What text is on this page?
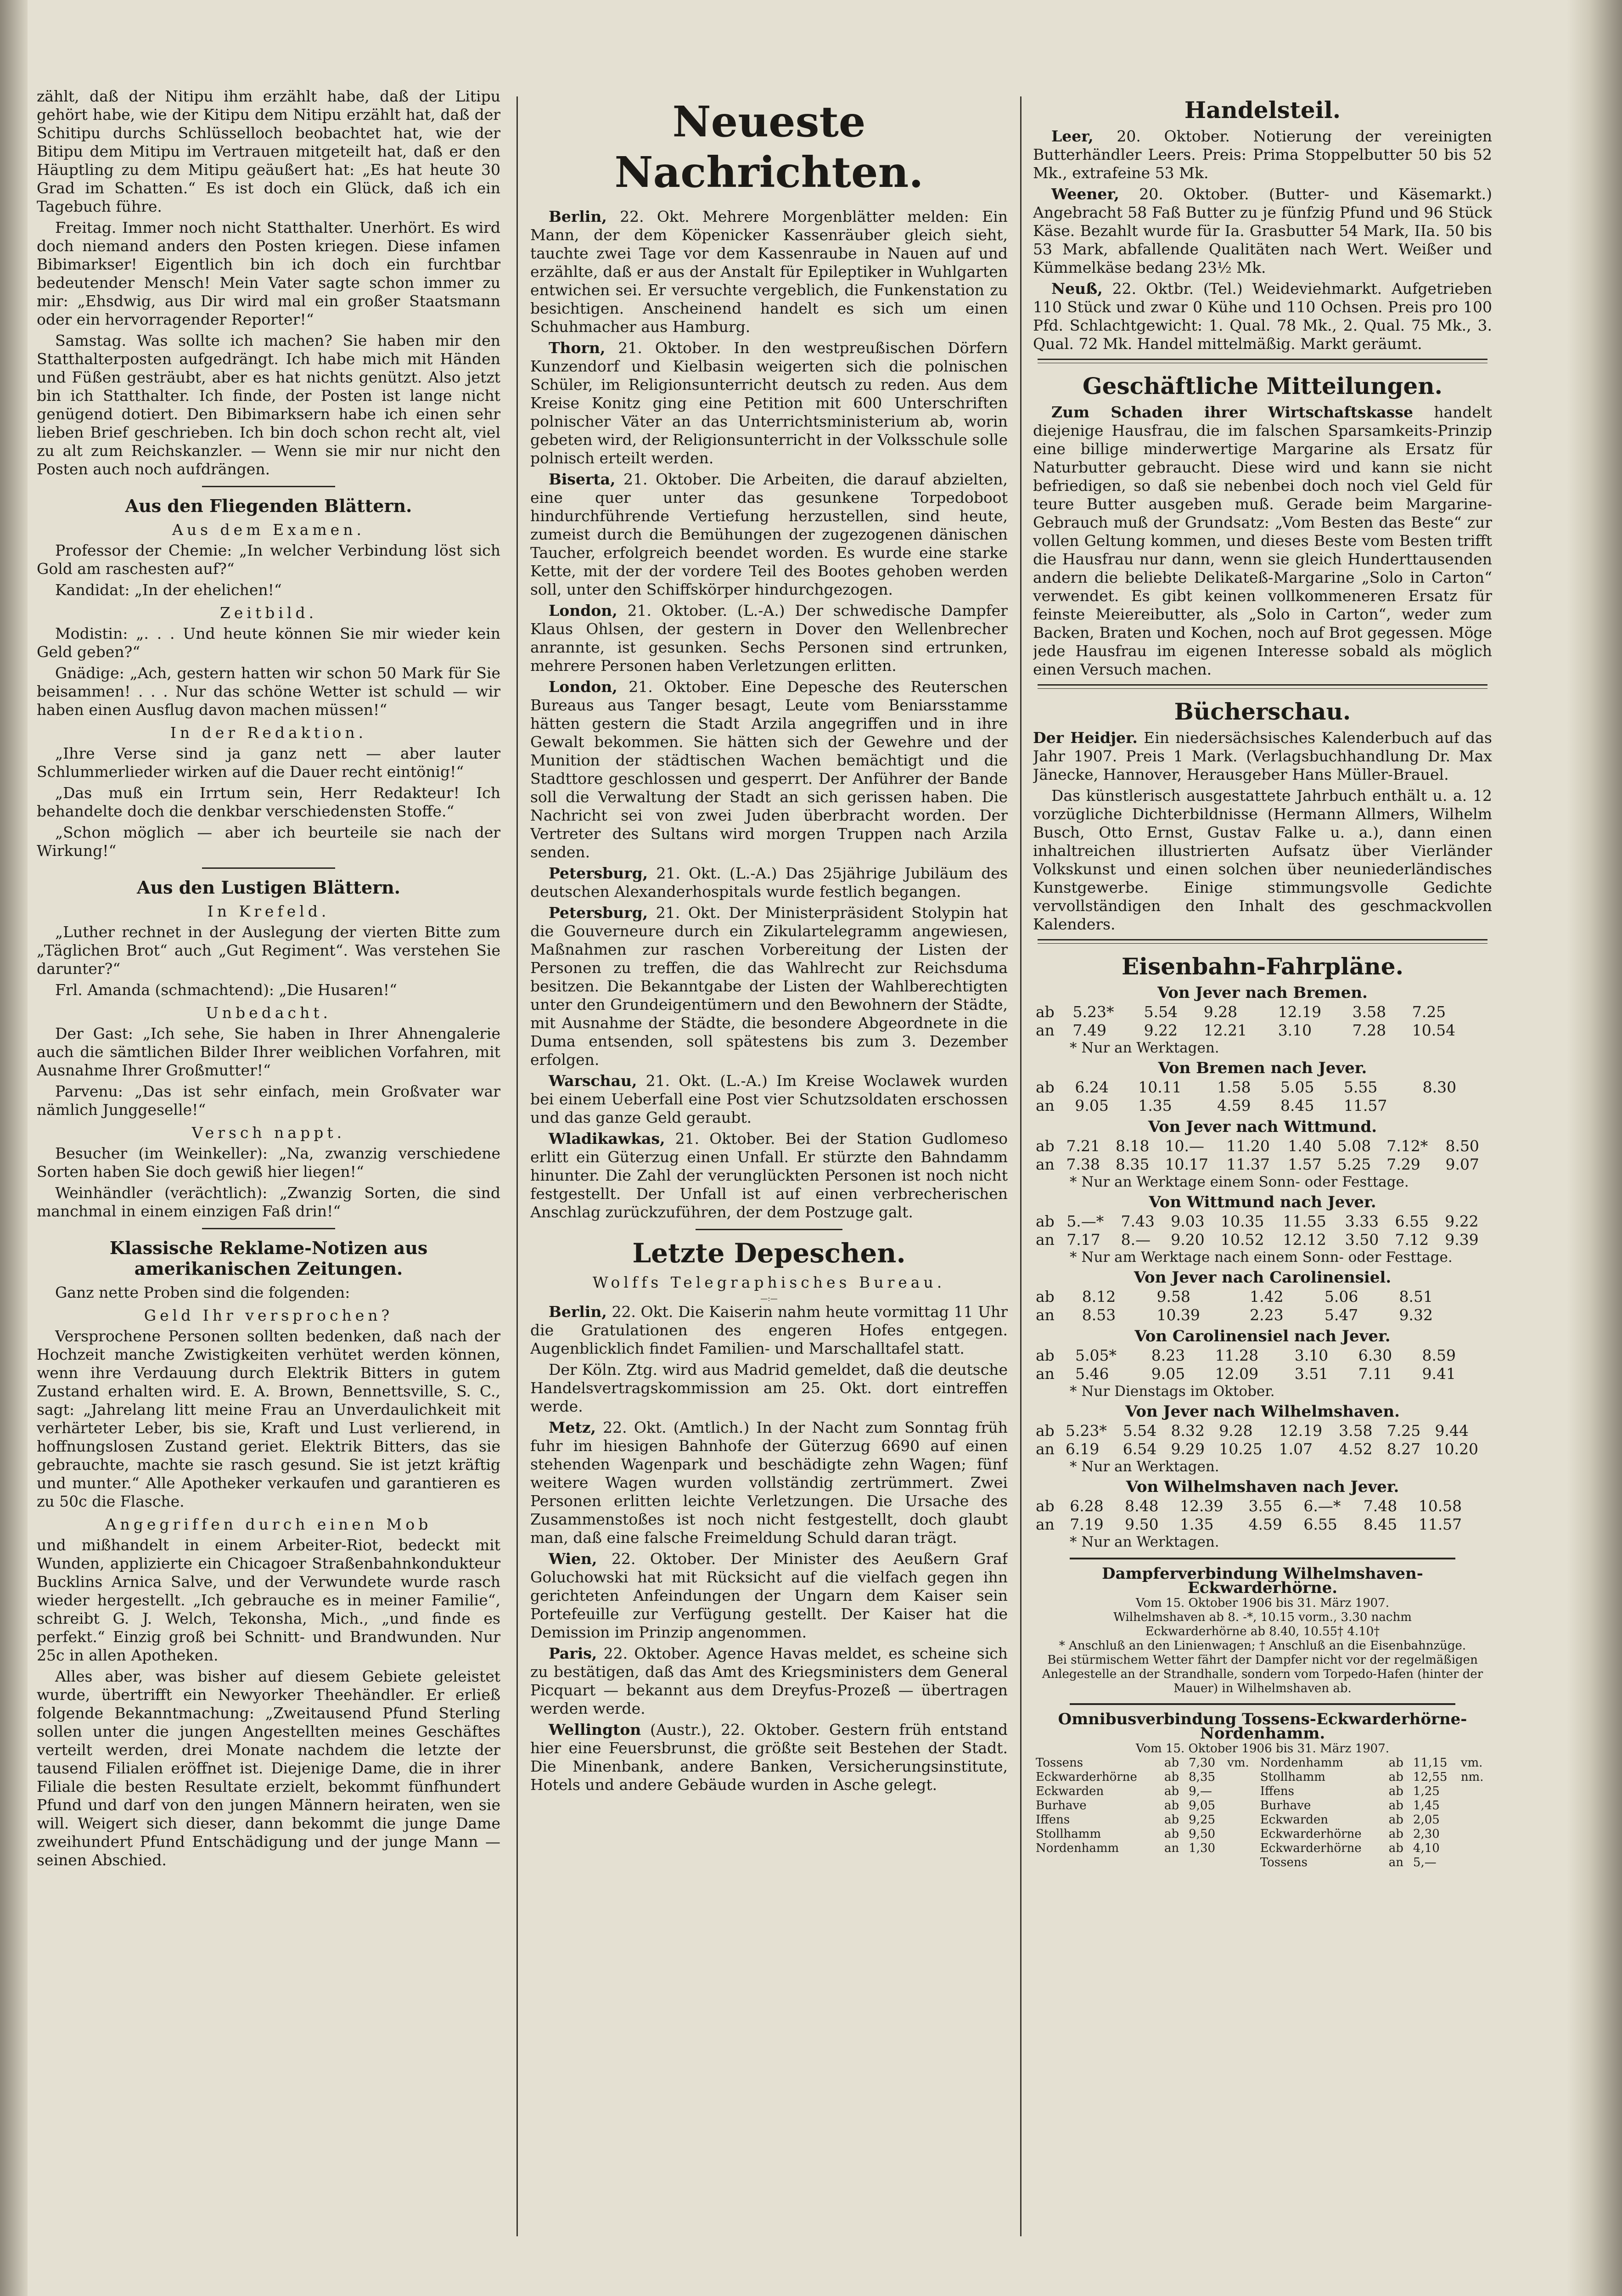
zählt, daß der Nitipu ihm erzählt habe, daß der Litipu gehört habe, wie der Kitipu dem Nitipu erzählt hat, daß der Schitipu durchs Schlüsselloch beobachtet hat, wie der Bitipu dem Mitipu im Vertrauen mitgeteilt hat, daß er den Häuptling zu dem Mitipu geäußert hat: „Es hat heute 30 Grad im Schatten.“ Es ist doch ein Glück, daß ich ein Tagebuch führe.

Freitag. Immer noch nicht Statthalter. Unerhört. Es wird doch niemand anders den Posten kriegen. Diese infamen Bibimarkser! Eigentlich bin ich doch ein furchtbar bedeutender Mensch! Mein Vater sagte schon immer zu mir: „Ehsdwig, aus Dir wird mal ein großer Staatsmann oder ein hervorragender Reporter!“

Samstag. Was sollte ich machen? Sie haben mir den Statthalterposten aufgedrängt. Ich habe mich mit Händen und Füßen gesträubt, aber es hat nichts genützt. Also jetzt bin ich Statthalter. Ich finde, der Posten ist lange nicht genügend dotiert. Den Bibimarksern habe ich einen sehr lieben Brief geschrieben. Ich bin doch schon recht alt, viel zu alt zum Reichskanzler. — Wenn sie mir nur nicht den Posten auch noch aufdrängen.

Aus den Fliegenden Blättern.
Aus dem Examen.

Professor der Chemie: „In welcher Verbindung löst sich Gold am raschesten auf?“

Kandidat: „In der ehelichen!“

Zeitbild.

Modistin: „. . . Und heute können Sie mir wieder kein Geld geben?“

Gnädige: „Ach, gestern hatten wir schon 50 Mark für Sie beisammen! . . . Nur das schöne Wetter ist schuld — wir haben einen Ausflug davon machen müssen!“

In der Redaktion.

„Ihre Verse sind ja ganz nett — aber lauter Schlummerlieder wirken auf die Dauer recht eintönig!“

„Das muß ein Irrtum sein, Herr Redakteur! Ich behandelte doch die denkbar verschiedensten Stoffe.“

„Schon möglich — aber ich beurteile sie nach der Wirkung!“

Aus den Lustigen Blättern.
In Krefeld.

„Luther rechnet in der Auslegung der vierten Bitte zum „Täglichen Brot“ auch „Gut Regiment“. Was verstehen Sie darunter?“

Frl. Amanda (schmachtend): „Die Husaren!“

Unbedacht.

Der Gast: „Ich sehe, Sie haben in Ihrer Ahnengalerie auch die sämtlichen Bilder Ihrer weiblichen Vorfahren, mit Ausnahme Ihrer Großmutter!“

Parvenu: „Das ist sehr einfach, mein Großvater war nämlich Junggeselle!“

Versch nappt.

Besucher (im Weinkeller): „Na, zwanzig verschiedene Sorten haben Sie doch gewiß hier liegen!“

Weinhändler (verächtlich): „Zwanzig Sorten, die sind manchmal in einem einzigen Faß drin!“

Klassische Reklame-Notizen aus amerikanischen Zeitungen.

Ganz nette Proben sind die folgenden:

Geld Ihr versprochen?

Versprochene Personen sollten bedenken, daß nach der Hochzeit manche Zwistigkeiten verhütet werden können, wenn ihre Verdauung durch Elektrik Bitters in gutem Zustand erhalten wird. E. A. Brown, Bennettsville, S. C., sagt: „Jahrelang litt meine Frau an Unverdaulichkeit mit verhärteter Leber, bis sie, Kraft und Lust verlierend, in hoffnungslosen Zustand geriet. Elektrik Bitters, das sie gebrauchte, machte sie rasch gesund. Sie ist jetzt kräftig und munter.“ Alle Apotheker verkaufen und garantieren es zu 50c die Flasche.

Angegriffen durch einen Mob

und mißhandelt in einem Arbeiter-Riot, bedeckt mit Wunden, applizierte ein Chicagoer Straßenbahnkondukteur Bucklins Arnica Salve, und der Verwundete wurde rasch wieder hergestellt. „Ich gebrauche es in meiner Familie“, schreibt G. J. Welch, Tekonsha, Mich., „und finde es perfekt.“ Einzig groß bei Schnitt- und Brandwunden. Nur 25c in allen Apotheken.

Alles aber, was bisher auf diesem Gebiete geleistet wurde, übertrifft ein Newyorker Theehändler. Er erließ folgende Bekanntmachung: „Zweitausend Pfund Sterling sollen unter die jungen Angestellten meines Geschäftes verteilt werden, drei Monate nachdem die letzte der tausend Filialen eröffnet ist. Diejenige Dame, die in ihrer Filiale die besten Resultate erzielt, bekommt fünfhundert Pfund und darf von den jungen Männern heiraten, wen sie will. Weigert sich dieser, dann bekommt die junge Dame zweihundert Pfund Entschädigung und der junge Mann — seinen Abschied.

Neueste Nachrichten.

Berlin, 22. Okt. Mehrere Morgenblätter melden: Ein Mann, der dem Köpenicker Kassenräuber gleich sieht, tauchte zwei Tage vor dem Kassenraube in Nauen auf und erzählte, daß er aus der Anstalt für Epileptiker in Wuhlgarten entwichen sei. Er versuchte vergeblich, die Funkenstation zu besichtigen. Anscheinend handelt es sich um einen Schuhmacher aus Hamburg.

Thorn, 21. Oktober. In den westpreußischen Dörfern Kunzendorf und Kielbasin weigerten sich die polnischen Schüler, im Religionsunterricht deutsch zu reden. Aus dem Kreise Konitz ging eine Petition mit 600 Unterschriften polnischer Väter an das Unterrichtsministerium ab, worin gebeten wird, der Religionsunterricht in der Volksschule solle polnisch erteilt werden.

Biserta, 21. Oktober. Die Arbeiten, die darauf abzielten, eine quer unter das gesunkene Torpedoboot hindurchführende Vertiefung herzustellen, sind heute, zumeist durch die Bemühungen der zugezogenen dänischen Taucher, erfolgreich beendet worden. Es wurde eine starke Kette, mit der der vordere Teil des Bootes gehoben werden soll, unter den Schiffskörper hindurchgezogen.

London, 21. Oktober. (L.-A.) Der schwedische Dampfer Klaus Ohlsen, der gestern in Dover den Wellenbrecher anrannte, ist gesunken. Sechs Personen sind ertrunken, mehrere Personen haben Verletzungen erlitten.

London, 21. Oktober. Eine Depesche des Reuterschen Bureaus aus Tanger besagt, Leute vom Beniarsstamme hätten gestern die Stadt Arzila angegriffen und in ihre Gewalt bekommen. Sie hätten sich der Gewehre und der Munition der städtischen Wachen bemächtigt und die Stadttore geschlossen und gesperrt. Der Anführer der Bande soll die Verwaltung der Stadt an sich gerissen haben. Die Nachricht sei von zwei Juden überbracht worden. Der Vertreter des Sultans wird morgen Truppen nach Arzila senden.

Petersburg, 21. Okt. (L.-A.) Das 25jährige Jubiläum des deutschen Alexanderhospitals wurde festlich begangen.

Petersburg, 21. Okt. Der Ministerpräsident Stolypin hat die Gouverneure durch ein Zikulartelegramm angewiesen, Maßnahmen zur raschen Vorbereitung der Listen der Personen zu treffen, die das Wahlrecht zur Reichsduma besitzen. Die Bekanntgabe der Listen der Wahlberechtigten unter den Grundeigentümern und den Bewohnern der Städte, mit Ausnahme der Städte, die besondere Abgeordnete in die Duma entsenden, soll spätestens bis zum 3. Dezember erfolgen.

Warschau, 21. Okt. (L.-A.) Im Kreise Woclawek wurden bei einem Ueberfall eine Post vier Schutzsoldaten erschossen und das ganze Geld geraubt.

Wladikawkas, 21. Oktober. Bei der Station Gudlomeso erlitt ein Güterzug einen Unfall. Er stürzte den Bahndamm hinunter. Die Zahl der verunglückten Personen ist noch nicht festgestellt. Der Unfall ist auf einen verbrecherischen Anschlag zurückzuführen, der dem Postzuge galt.

Letzte Depeschen.
Wolffs Telegraphisches Bureau.
—:—

Berlin, 22. Okt. Die Kaiserin nahm heute vormittag 11 Uhr die Gratulationen des engeren Hofes entgegen. Augenblicklich findet Familien- und Marschalltafel statt.

Der Köln. Ztg. wird aus Madrid gemeldet, daß die deutsche Handelsvertragskommission am 25. Okt. dort eintreffen werde.

Metz, 22. Okt. (Amtlich.) In der Nacht zum Sonntag früh fuhr im hiesigen Bahnhofe der Güterzug 6690 auf einen stehenden Wagenpark und beschädigte zehn Wagen; fünf weitere Wagen wurden vollständig zertrümmert. Zwei Personen erlitten leichte Verletzungen. Die Ursache des Zusammenstoßes ist noch nicht festgestellt, doch glaubt man, daß eine falsche Freimeldung Schuld daran trägt.

Wien, 22. Oktober. Der Minister des Aeußern Graf Goluchowski hat mit Rücksicht auf die vielfach gegen ihn gerichteten Anfeindungen der Ungarn dem Kaiser sein Portefeuille zur Verfügung gestellt. Der Kaiser hat die Demission im Prinzip angenommen.

Paris, 22. Oktober. Agence Havas meldet, es scheine sich zu bestätigen, daß das Amt des Kriegsministers dem General Picquart — bekannt aus dem Dreyfus-Prozeß — übertragen werden werde.

Wellington (Austr.), 22. Oktober. Gestern früh entstand hier eine Feuersbrunst, die größte seit Bestehen der Stadt. Die Minenbank, andere Banken, Versicherungsinstitute, Hotels und andere Gebäude wurden in Asche gelegt.

Handelsteil.

Leer, 20. Oktober. Notierung der vereinigten Butterhändler Leers. Preis: Prima Stoppelbutter 50 bis 52 Mk., extrafeine 53 Mk.

Weener, 20. Oktober. (Butter- und Käsemarkt.) Angebracht 58 Faß Butter zu je fünfzig Pfund und 96 Stück Käse. Bezahlt wurde für Ia. Grasbutter 54 Mark, IIa. 50 bis 53 Mark, abfallende Qualitäten nach Wert. Weißer und Kümmelkäse bedang 23½ Mk.

Neuß, 22. Oktbr. (Tel.) Weideviehmarkt. Aufgetrieben 110 Stück und zwar 0 Kühe und 110 Ochsen. Preis pro 100 Pfd. Schlachtgewicht: 1. Qual. 78 Mk., 2. Qual. 75 Mk., 3. Qual. 72 Mk. Handel mittelmäßig. Markt geräumt.

Geschäftliche Mitteilungen.

Zum Schaden ihrer Wirtschaftskasse handelt diejenige Hausfrau, die im falschen Sparsamkeits-Prinzip eine billige minderwertige Margarine als Ersatz für Naturbutter gebraucht. Diese wird und kann sie nicht befriedigen, so daß sie nebenbei doch noch viel Geld für teure Butter ausgeben muß. Gerade beim Margarine-Gebrauch muß der Grundsatz: „Vom Besten das Beste“ zur vollen Geltung kommen, und dieses Beste vom Besten trifft die Hausfrau nur dann, wenn sie gleich Hunderttausenden andern die beliebte Delikateß-Margarine „Solo in Carton“ verwendet. Es gibt keinen vollkommeneren Ersatz für feinste Meiereibutter, als „Solo in Carton“, weder zum Backen, Braten und Kochen, noch auf Brot gegessen. Möge jede Hausfrau im eigenen Interesse sobald als möglich einen Versuch machen.

Bücherschau.

Der Heidjer. Ein niedersächsisches Kalenderbuch auf das Jahr 1907. Preis 1 Mark. (Verlagsbuchhandlung Dr. Max Jänecke, Hannover, Herausgeber Hans Müller-Brauel.

Das künstlerisch ausgestattete Jahrbuch enthält u. a. 12 vorzügliche Dichterbildnisse (Hermann Allmers, Wilhelm Busch, Otto Ernst, Gustav Falke u. a.), dann einen inhaltreichen illustrierten Aufsatz über Vierländer Volkskunst und einen solchen über neuniederländisches Kunstgewerbe. Einige stimmungsvolle Gedichte vervollständigen den Inhalt des geschmackvollen Kalenders.

Eisenbahn-Fahrpläne.
Von Jever nach Bremen.
ab	5.23*	5.54	9.28	12.19	3.58	7.25	
an	7.49	9.22	12.21	3.10	7.28	10.54	
* Nur an Werktagen.
Von Bremen nach Jever.
ab	6.24	10.11	1.58	5.05	5.55	8.30	
an	9.05	1.35	4.59	8.45	11.57		
Von Jever nach Wittmund.
ab	7.21	8.18	10.—	11.20	1.40	5.08	7.12*	8.50
an	7.38	8.35	10.17	11.37	1.57	5.25	7.29	9.07
* Nur an Werktage einem Sonn- oder Festtage.
Von Wittmund nach Jever.
ab	5.—*	7.43	9.03	10.35	11.55	3.33	6.55	9.22
an	7.17	8.—	9.20	10.52	12.12	3.50	7.12	9.39
* Nur am Werktage nach einem Sonn- oder Festtage.
Von Jever nach Carolinensiel.
ab	8.12	9.58	1.42	5.06	8.51		
an	8.53	10.39	2.23	5.47	9.32		
Von Carolinensiel nach Jever.
ab	5.05*	8.23	11.28	3.10	6.30	8.59	
an	5.46	9.05	12.09	3.51	7.11	9.41	
* Nur Dienstags im Oktober.
Von Jever nach Wilhelmshaven.
ab	5.23*	5.54	8.32	9.28	12.19	3.58	7.25	9.44
an	6.19	6.54	9.29	10.25	1.07	4.52	8.27	10.20
* Nur an Werktagen.
Von Wilhelmshaven nach Jever.
ab	6.28	8.48	12.39	3.55	6.—*	7.48	10.58	
an	7.19	9.50	1.35	4.59	6.55	8.45	11.57	
* Nur an Werktagen.
Dampferverbindung Wilhelmshaven-Eckwarderhörne.
Vom 15. Oktober 1906 bis 31. März 1907.
Wilhelmshaven ab 8. -*, 10.15 vorm., 3.30 nachm
Eckwarderhörne ab 8.40, 10.55† 4.10†
* Anschluß an den Linienwagen; † Anschluß an die Eisenbahnzüge.
Bei stürmischem Wetter fährt der Dampfer nicht vor der regelmäßigen Anlegestelle an der Strandhalle, sondern vom Torpedo-Hafen (hinter der Mauer) in Wilhelmshaven ab.
Omnibusverbindung Tossens-Eckwarderhörne-Nordenhamm.
Vom 15. Oktober 1906 bis 31. März 1907.
Tossens	ab	7,30	vm.	Nordenhamm	ab	11,15	vm.
Eckwarderhörne	ab	8,35		Stollhamm	ab	12,55	nm.
Eckwarden	ab	9,—		Iffens	ab	1,25	
Burhave	ab	9,05		Burhave	ab	1,45	
Iffens	ab	9,25		Eckwarden	ab	2,05	
Stollhamm	ab	9,50		Eckwarderhörne	ab	2,30	
Nordenhamm	an	1,30		Eckwarderhörne	ab	4,10	
				Tossens	an	5,—	
